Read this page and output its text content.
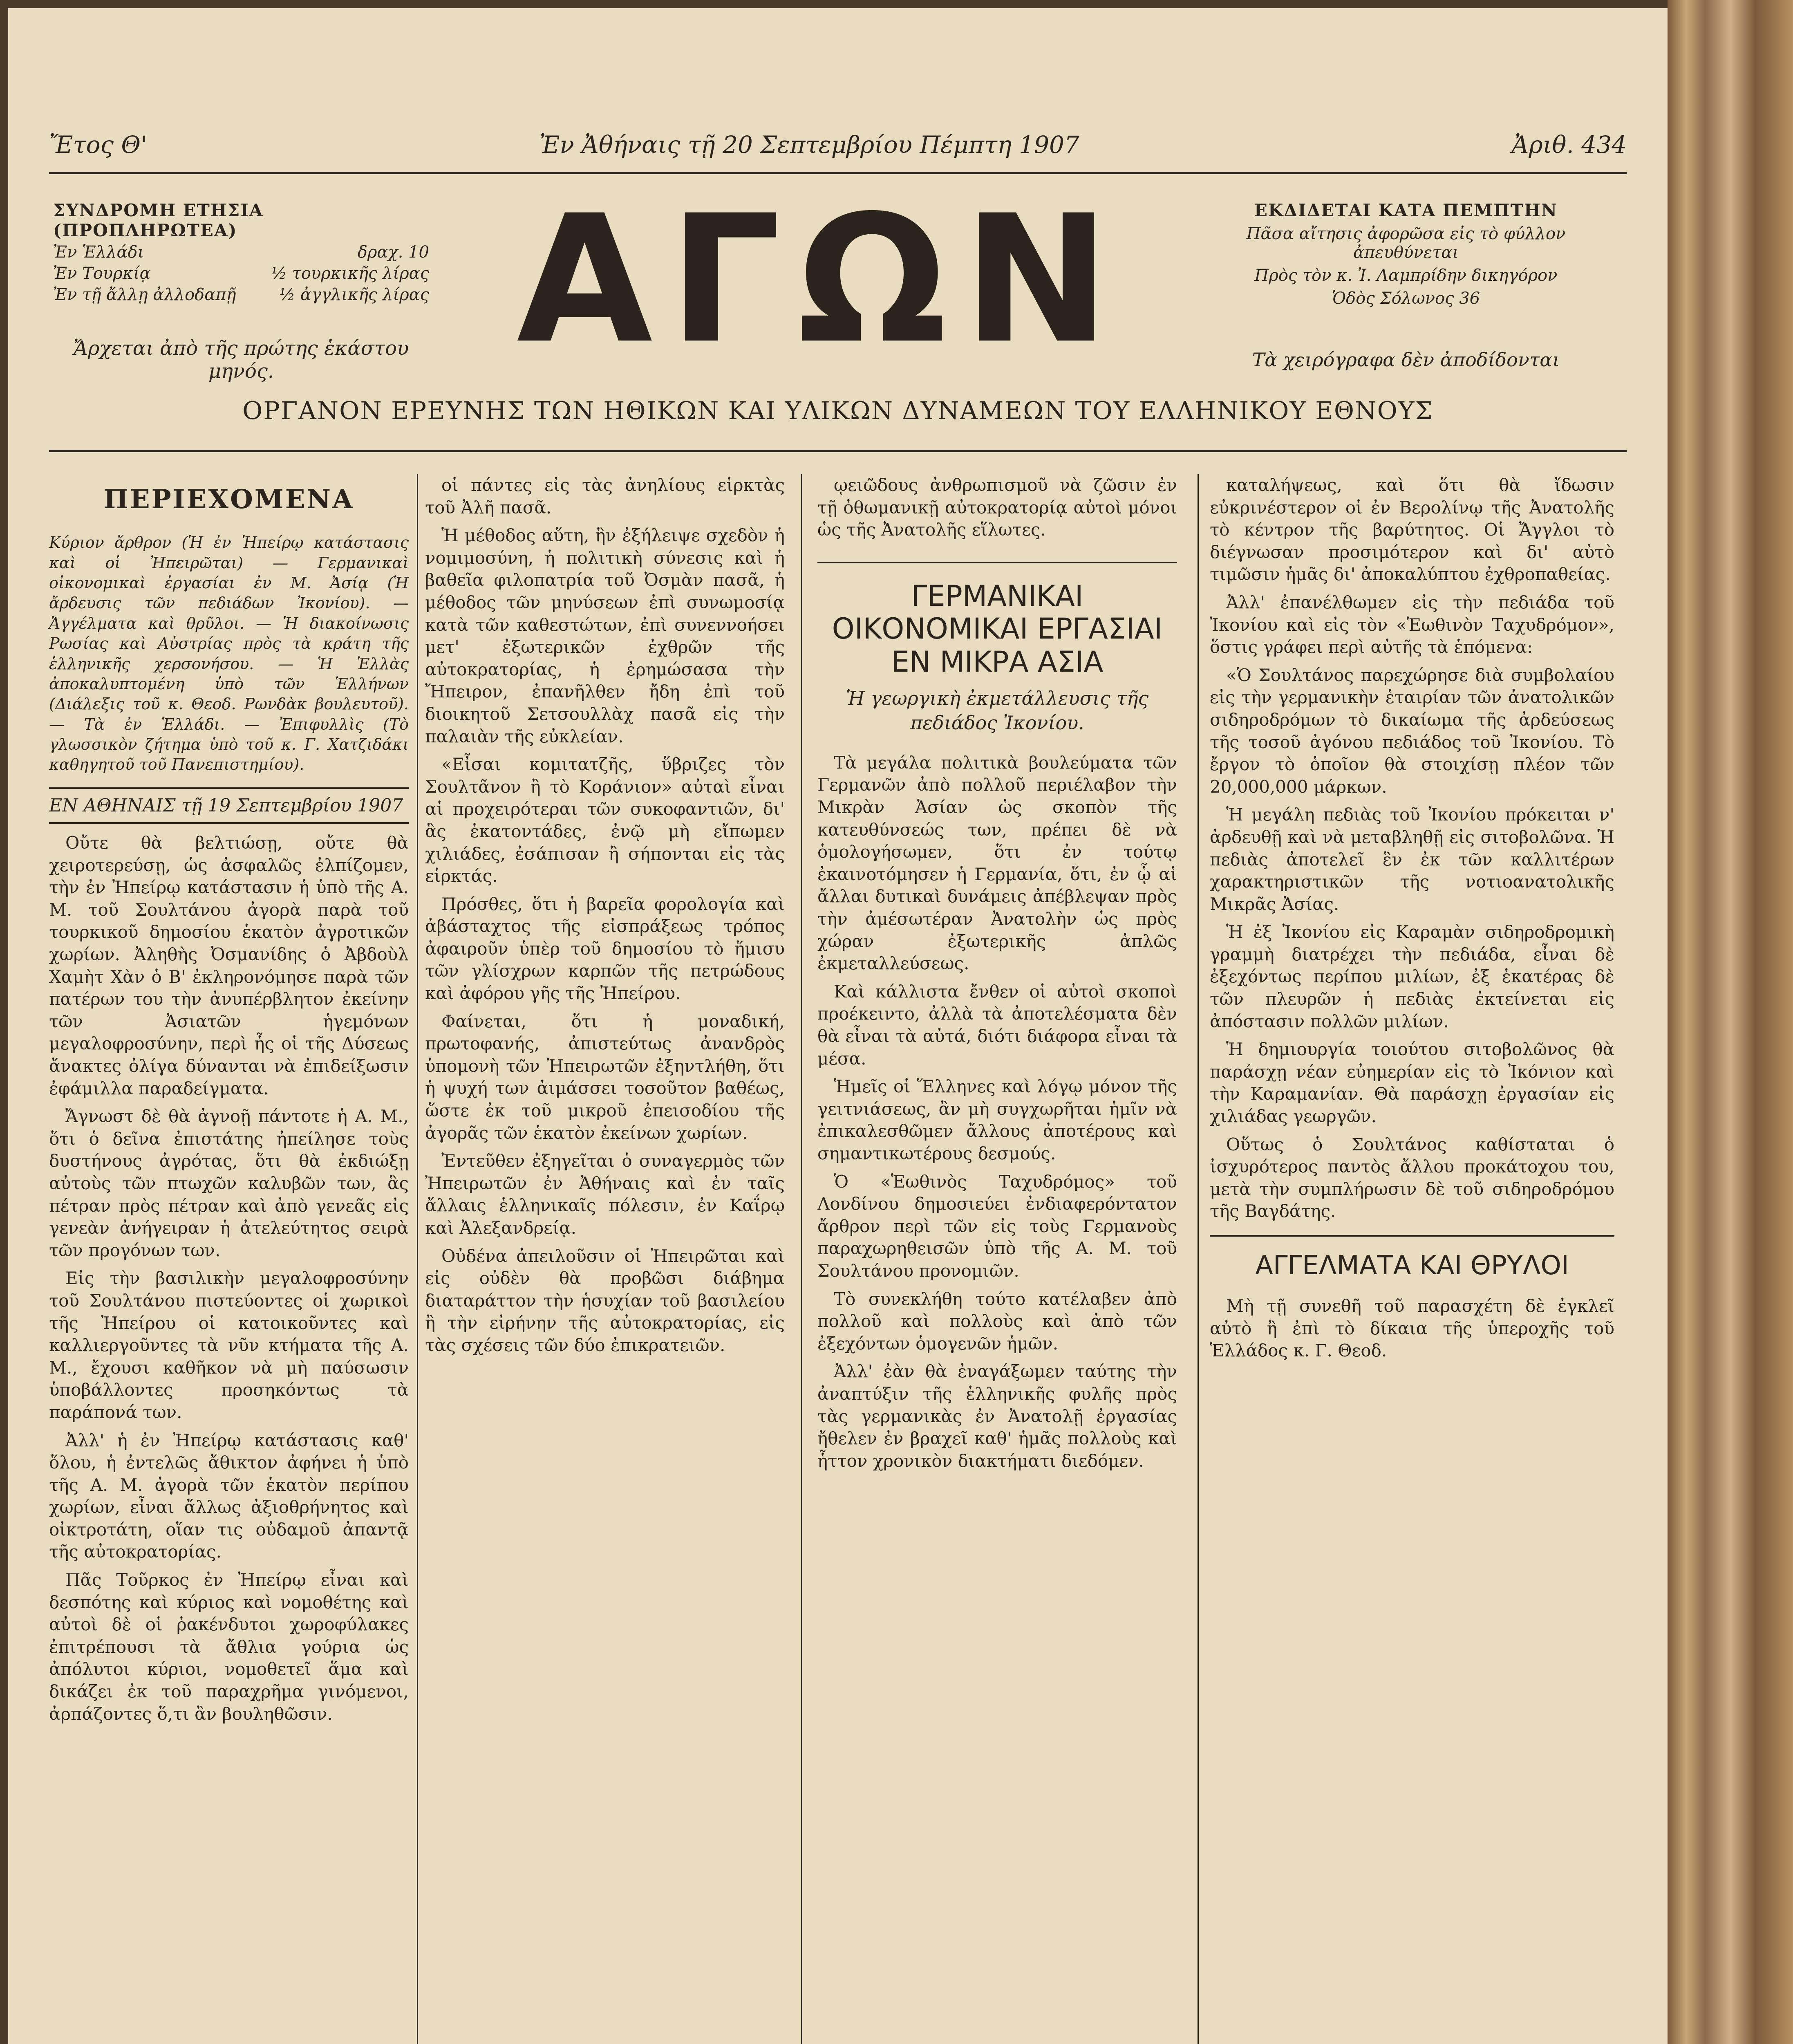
Ἔτος Θ'	Ἐν Ἀθήναις τῇ 20 Σεπτεμβρίου Πέμπτη 1907	Ἀριθ. 434
ΣΥΝΔΡΟΜΗ ΕΤΗΣΙΑ (ΠΡΟΠΛΗΡΩΤΕΑ)
Ἐν Ἑλλάδι	δραχ. 10
Ἐν Τουρκίᾳ	½ τουρκικῆς λίρας
Ἐν τῇ ἄλλῃ ἀλλοδαπῇ	½ ἀγγλικῆς λίρας
Ἄρχεται ἀπὸ τῆς πρώτης ἑκάστου μηνός.	ΑΓΩΝ	ΕΚΔΙΔΕΤΑΙ ΚΑΤΑ ΠΕΜΠΤΗΝ
Πᾶσα αἴτησις ἀφορῶσα εἰς τὸ φύλλον ἀπευθύνεται
Πρὸς τὸν κ. Ἰ. Λαμπρίδην δικηγόρον
Ὁδὸς Σόλωνος 36
Τὰ χειρόγραφα δὲν ἀποδίδονται
ΟΡΓΑΝΟΝ ΕΡΕΥΝΗΣ ΤΩΝ ΗΘΙΚΩΝ ΚΑΙ ΥΛΙΚΩΝ ΔΥΝΑΜΕΩΝ ΤΟΥ ΕΛΛΗΝΙΚΟΥ ΕΘΝΟΥΣ
ΠΕΡΙΕΧΟΜΕΝΑ
Κύριον ἄρθρον (Ἡ ἐν Ἠπείρῳ κατάστασις καὶ οἱ Ἠπειρῶται) — Γερμανικαὶ οἰκονομικαὶ ἐργασίαι ἐν Μ. Ἀσίᾳ (Ἡ ἄρδευσις τῶν πεδιάδων Ἰκονίου). — Ἀγγέλματα καὶ θρῦλοι. — Ἡ διακοίνωσις Ρωσίας καὶ Αὐστρίας πρὸς τὰ κράτη τῆς ἑλληνικῆς χερσονήσου. — Ἡ Ἑλλὰς ἀποκαλυπτομένη ὑπὸ τῶν Ἑλλήνων (Διάλεξις τοῦ κ. Θεοδ. Ρωνδὰκ βουλευτοῦ). — Τὰ ἐν Ἑλλάδι. — Ἐπιφυλλὶς (Τὸ γλωσσικὸν ζήτημα ὑπὸ τοῦ κ. Γ. Χατζιδάκι καθηγητοῦ τοῦ Πανεπιστημίου).
ΕΝ ΑΘΗΝΑΙΣ τῇ 19 Σεπτεμβρίου 1907

Οὔτε θὰ βελτιώσῃ, οὔτε θὰ χειροτερεύσῃ, ὡς ἀσφαλῶς ἐλπίζομεν, τὴν ἐν Ἠπείρῳ κατάστασιν ἡ ὑπὸ τῆς Α. Μ. τοῦ Σουλτάνου ἀγορὰ παρὰ τοῦ τουρκικοῦ δημοσίου ἑκατὸν ἀγροτικῶν χωρίων. Ἀληθὴς Ὀσμανίδης ὁ Ἀβδοὺλ Χαμὴτ Χὰν ὁ Β' ἐκληρονόμησε παρὰ τῶν πατέρων του τὴν ἀνυπέρβλητον ἐκείνην τῶν Ἀσιατῶν ἡγεμόνων μεγαλοφροσύνην, περὶ ἧς οἱ τῆς Δύσεως ἄνακτες ὀλίγα δύνανται νὰ ἐπιδείξωσιν ἐφάμιλλα παραδείγματα.

Ἄγνωστ δὲ θὰ ἀγνοῇ πάντοτε ἡ Α. Μ., ὅτι ὁ δεῖνα ἐπιστάτης ἠπείλησε τοὺς δυστήνους ἀγρότας, ὅτι θὰ ἐκδιώξῃ αὐτοὺς τῶν πτωχῶν καλυβῶν των, ἃς πέτραν πρὸς πέτραν καὶ ἀπὸ γενεᾶς εἰς γενεὰν ἀνήγειραν ἡ ἀτελεύτητος σειρὰ τῶν προγόνων των.

Εἰς τὴν βασιλικὴν μεγαλοφροσύνην τοῦ Σουλτάνου πιστεύοντες οἱ χωρικοὶ τῆς Ἠπείρου οἱ κατοικοῦντες καὶ καλλιεργοῦντες τὰ νῦν κτήματα τῆς Α. Μ., ἔχουσι καθῆκον νὰ μὴ παύσωσιν ὑποβάλλοντες προσηκόντως τὰ παράπονά των.

Ἀλλ' ἡ ἐν Ἠπείρῳ κατάστασις καθ' ὅλου, ἡ ἐντελῶς ἄθικτον ἀφήνει ἡ ὑπὸ τῆς Α. Μ. ἀγορὰ τῶν ἑκατὸν περίπου χωρίων, εἶναι ἄλλως ἀξιοθρήνητος καὶ οἰκτροτάτη, οἵαν τις οὐδαμοῦ ἀπαντᾷ τῆς αὐτοκρατορίας.

Πᾶς Τοῦρκος ἐν Ἠπείρῳ εἶναι καὶ δεσπότης καὶ κύριος καὶ νομοθέτης καὶ αὐτοὶ δὲ οἱ ῥακένδυτοι χωροφύλακες ἐπιτρέπουσι τὰ ἄθλια γούρια ὡς ἀπόλυτοι κύριοι, νομοθετεῖ ἅμα καὶ δικάζει ἐκ τοῦ παραχρῆμα γινόμενοι, ἀρπάζοντες ὅ,τι ἂν βουληθῶσιν.

οἱ πάντες εἰς τὰς ἀνηλίους εἱρκτὰς τοῦ Ἀλῆ πασᾶ.

Ἡ μέθοδος αὕτη, ἣν ἐξήλειψε σχεδὸν ἡ νομιμοσύνη, ἡ πολιτικὴ σύνεσις καὶ ἡ βαθεῖα φιλοπατρία τοῦ Ὀσμὰν πασᾶ, ἡ μέθοδος τῶν μηνύσεων ἐπὶ συνωμοσίᾳ κατὰ τῶν καθεστώτων, ἐπὶ συνεννοήσει μετ' ἐξωτερικῶν ἐχθρῶν τῆς αὐτοκρατορίας, ἡ ἐρημώσασα τὴν Ἤπειρον, ἐπανῆλθεν ἤδη ἐπὶ τοῦ διοικητοῦ Σετσουλλὰχ πασᾶ εἰς τὴν παλαιὰν τῆς εὐκλείαν.

«Εἶσαι κομιτατζῆς, ὕβριζες τὸν Σουλτᾶνον ἢ τὸ Κοράνιον» αὐταὶ εἶναι αἱ προχειρότεραι τῶν συκοφαντιῶν, δι' ἃς ἑκατοντάδες, ἐνῷ μὴ εἴπωμεν χιλιάδες, ἐσάπισαν ἢ σήπονται εἰς τὰς εἱρκτάς.

Πρόσθες, ὅτι ἡ βαρεῖα φορολογία καὶ ἀβάσταχτος τῆς εἰσπράξεως τρόπος ἀφαιροῦν ὑπὲρ τοῦ δημοσίου τὸ ἥμισυ τῶν γλίσχρων καρπῶν τῆς πετρώδους καὶ ἀφόρου γῆς τῆς Ἠπείρου.

Φαίνεται, ὅτι ἡ μοναδική, πρωτοφανής, ἀπιστεύτως ἀνανδρὸς ὑπομονὴ τῶν Ἠπειρωτῶν ἐξηντλήθη, ὅτι ἡ ψυχή των ἀιμάσσει τοσοῦτον βαθέως, ὥστε ἐκ τοῦ μικροῦ ἐπεισοδίου τῆς ἀγορᾶς τῶν ἑκατὸν ἐκείνων χωρίων.

Ἐντεῦθεν ἐξηγεῖται ὁ συναγερμὸς τῶν Ἠπειρωτῶν ἐν Ἀθήναις καὶ ἐν ταῖς ἄλλαις ἑλληνικαῖς πόλεσιν, ἐν Καΐρῳ καὶ Ἀλεξανδρείᾳ.

Οὐδένα ἀπειλοῦσιν οἱ Ἠπειρῶται καὶ εἰς οὐδὲν θὰ προβῶσι διάβημα διαταράττον τὴν ἡσυχίαν τοῦ βασιλείου ἢ τὴν εἰρήνην τῆς αὐτοκρατορίας, εἰς τὰς σχέσεις τῶν δύο ἐπικρατειῶν.

ῳειῶδους ἀνθρωπισμοῦ νὰ ζῶσιν ἐν τῇ ὀθωμανικῇ αὐτοκρατορίᾳ αὐτοὶ μόνοι ὡς τῆς Ἀνατολῆς εἵλωτες.

ΓΕΡΜΑΝΙΚΑΙ ΟΙΚΟΝΟΜΙΚΑΙ ΕΡΓΑΣΙΑΙ ΕΝ ΜΙΚΡΑ ΑΣΙΑ
Ἡ γεωργικὴ ἐκμετάλλευσις τῆς πεδιάδος Ἰκονίου.

Τὰ μεγάλα πολιτικὰ βουλεύματα τῶν Γερμανῶν ἀπὸ πολλοῦ περιέλαβον τὴν Μικρὰν Ἀσίαν ὡς σκοπὸν τῆς κατευθύνσεώς των, πρέπει δὲ νὰ ὁμολογήσωμεν, ὅτι ἐν τούτῳ ἐκαινοτόμησεν ἡ Γερμανία, ὅτι, ἐν ᾧ αἱ ἄλλαι δυτικαὶ δυνάμεις ἀπέβλεψαν πρὸς τὴν ἀμέσωτέραν Ἀνατολὴν ὡς πρὸς χώραν ἐξωτερικῆς ἁπλῶς ἐκμεταλλεύσεως.

Καὶ κάλλιστα ἔνθεν οἱ αὐτοὶ σκοποὶ προέκειντο, ἀλλὰ τὰ ἀποτελέσματα δὲν θὰ εἶναι τὰ αὐτά, διότι διάφορα εἶναι τὰ μέσα.

Ἡμεῖς οἱ Ἕλληνες καὶ λόγῳ μόνον τῆς γειτνιάσεως, ἂν μὴ συγχωρῆται ἡμῖν νὰ ἐπικαλεσθῶμεν ἄλλους ἀποτέρους καὶ σημαντικωτέρους δεσμούς.

Ὁ «Ἑωθινὸς Ταχυδρόμος» τοῦ Λονδίνου δημοσιεύει ἐνδιαφερόντατον ἄρθρον περὶ τῶν εἰς τοὺς Γερμανοὺς παραχωρηθεισῶν ὑπὸ τῆς Α. Μ. τοῦ Σουλτάνου προνομιῶν.

Τὸ συνεκλήθη τούτο κατέλαβεν ἀπὸ πολλοῦ καὶ πολλοὺς καὶ ἀπὸ τῶν ἐξεχόντων ὁμογενῶν ἡμῶν.

Ἀλλ' ἐὰν θὰ ἐναγάξωμεν ταύτης τὴν ἀναπτύξιν τῆς ἑλληνικῆς φυλῆς πρὸς τὰς γερμανικὰς ἐν Ἀνατολῇ ἐργασίας ἤθελεν ἐν βραχεῖ καθ' ἡμᾶς πολλοὺς καὶ ἧττον χρονικὸν διακτήματι διεδόμεν.

καταλήψεως, καὶ ὅτι θὰ ἴδωσιν εὐκρινέστερον οἱ ἐν Βερολίνῳ τῆς Ἀνατολῆς τὸ κέντρον τῆς βαρύτητος. Οἱ Ἄγγλοι τὸ διέγνωσαν προσιμότερον καὶ δι' αὐτὸ τιμῶσιν ἡμᾶς δι' ἀποκαλύπτου ἐχθροπαθείας.

Ἀλλ' ἐπανέλθωμεν εἰς τὴν πεδιάδα τοῦ Ἰκονίου καὶ εἰς τὸν «Ἑωθινὸν Ταχυδρόμον», ὅστις γράφει περὶ αὐτῆς τὰ ἑπόμενα:

«Ὁ Σουλτάνος παρεχώρησε διὰ συμβολαίου εἰς τὴν γερμανικὴν ἑταιρίαν τῶν ἀνατολικῶν σιδηροδρόμων τὸ δικαίωμα τῆς ἀρδεύσεως τῆς τοσοῦ ἀγόνου πεδιάδος τοῦ Ἰκονίου. Τὸ ἔργον τὸ ὁποῖον θὰ στοιχίσῃ πλέον τῶν 20,000,000 μάρκων.

Ἡ μεγάλη πεδιὰς τοῦ Ἰκονίου πρόκειται ν' ἀρδευθῇ καὶ νὰ μεταβληθῇ εἰς σιτοβολῶνα. Ἡ πεδιὰς ἀποτελεῖ ἓν ἐκ τῶν καλλιτέρων χαρακτηριστικῶν τῆς νοτιοανατολικῆς Μικρᾶς Ἀσίας.

Ἡ ἐξ Ἰκονίου εἰς Καραμὰν σιδηροδρομικὴ γραμμὴ διατρέχει τὴν πεδιάδα, εἶναι δὲ ἐξεχόντως περίπου μιλίων, ἐξ ἑκατέρας δὲ τῶν πλευρῶν ἡ πεδιὰς ἐκτείνεται εἰς ἀπόστασιν πολλῶν μιλίων.

Ἡ δημιουργία τοιούτου σιτοβολῶνος θὰ παράσχῃ νέαν εὐημερίαν εἰς τὸ Ἰκόνιον καὶ τὴν Καραμανίαν. Θὰ παράσχῃ ἐργασίαν εἰς χιλιάδας γεωργῶν.

Οὕτως ὁ Σουλτάνος καθίσταται ὁ ἰσχυρότερος παντὸς ἄλλου προκάτοχου του, μετὰ τὴν συμπλήρωσιν δὲ τοῦ σιδηροδρόμου τῆς Βαγδάτης.

ΑΓΓΕΛΜΑΤΑ ΚΑΙ ΘΡΥΛΟΙ

Μὴ τῇ συνεθῆ τοῦ παρασχέτη δὲ ἐγκλεῖ αὐτὸ ἢ ἐπὶ τὸ δίκαια τῆς ὑπεροχῆς τοῦ Ἑλλάδος κ. Γ. Θεοδ.
